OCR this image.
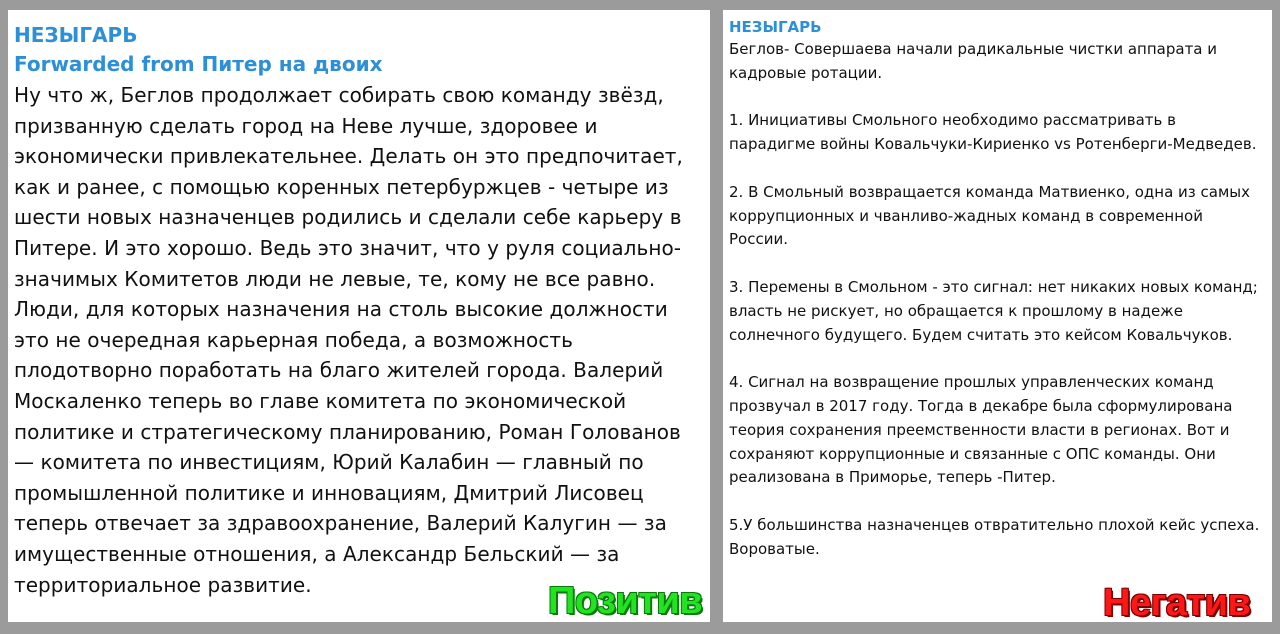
НЕЗЫГАРЬ
Forwarded from Питер на двоих
Ну что ж, Беглов продолжает собирать свою команду звёзд, призванную сделать город на Неве лучше, здоровее и экономически привлекательнее. Делать он это предпочитает, как и ранее, с помощью коренных петербуржцев - четыре из шести новых назначенцев родились и сделали себе карьеру в Питере. И это хорошо. Ведь это значит, что у руля социально-значимых Комитетов люди не левые, те, кому не все равно. Люди, для которых назначения на столь высокие должности это не очередная карьерная победа, а возможность плодотворно поработать на благо жителей города. Валерий Москаленко теперь во главе комитета по экономической политике и стратегическому планированию, Роман Голованов — комитета по инвестициям, Юрий Калабин — главный по промышленной политике и инновациям, Дмитрий Лисовец теперь отвечает за здравоохранение, Валерий Калугин — за имущественные отношения, а Александр Бельский — за территориальное развитие.	Позитив
НЕЗЫГАРЬ
Беглов- Совершаева начали радикальные чистки аппарата и кадровые ротации.
1. Инициативы Смольного необходимо рассматривать в парадигме войны Ковальчуки-Кириенко vs Ротенберги-Медведев.
2. В Смольный возвращается команда Матвиенко, одна из самых коррупционных и чванливо-жадных команд в современной России.
3. Перемены в Смольном - это сигнал: нет никаких новых команд; власть не рискует, но обращается к прошлому в надеже солнечного будущего. Будем считать это кейсом Ковальчуков.
4. Сигнал на возвращение прошлых управленческих команд прозвучал в 2017 году. Тогда в декабре была сформулирована теория сохранения преемственности власти в регионах. Вот и сохраняют коррупционные и связанные с ОПС команды. Они реализована в Приморье, теперь -Питер.
5.У большинства назначенцев отвратительно плохой кейс успеха. Вороватые.
Негатив
